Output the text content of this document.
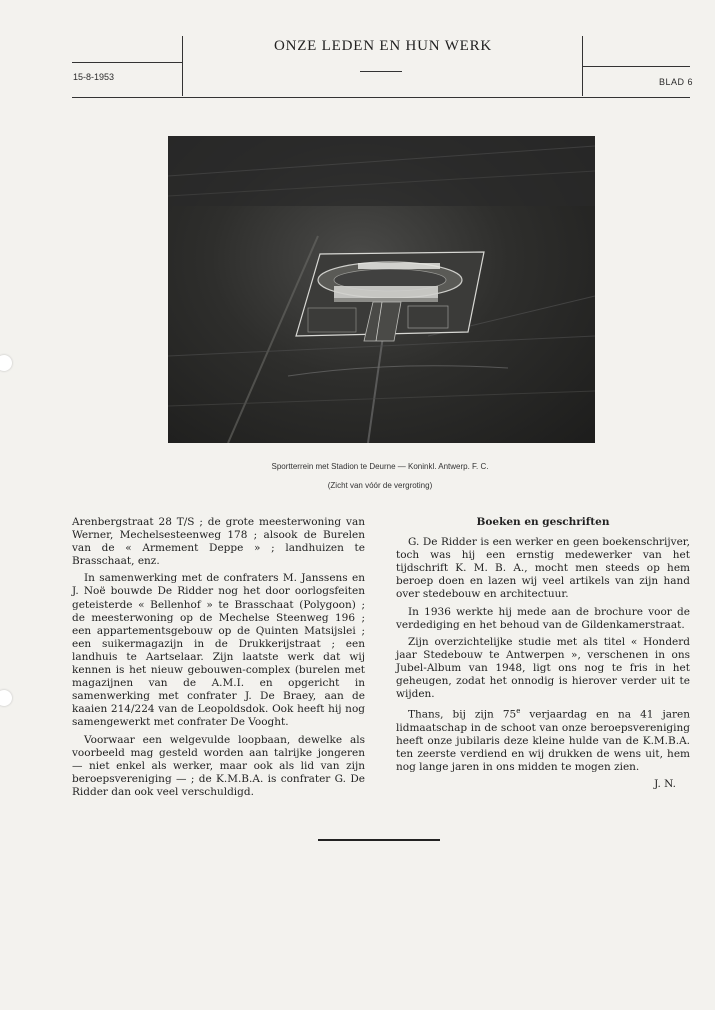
ONZE LEDEN EN HUN WERK
15-8-1953	BLAD 6
Sportterrein met Stadion te Deurne — Koninkl. Antwerp. F. C.
(Zicht van vóór de vergroting)

Arenbergstraat 28 T/S ; de grote meesterwoning van Werner, Mechelsesteenweg 178 ; alsook de Burelen van de « Armement Deppe » ; landhuizen te Brasschaat, enz.

In samenwerking met de confraters M. Janssens en J. Noë bouwde De Ridder nog het door oorlogsfeiten geteisterde « Bellenhof » te Brasschaat (Polygoon) ; de meesterwoning op de Mechelse Steenweg 196 ; een appartementsgebouw op de Quinten Matsijslei ; een suikermagazijn in de Drukkerijstraat ; een landhuis te Aartselaar. Zijn laatste werk dat wij kennen is het nieuw gebouwen-complex (burelen met magazijnen van de A.M.I. en opgericht in samenwerking met confrater J. De Braey, aan de kaaien 214/224 van de Leopoldsdok. Ook heeft hij nog samengewerkt met confrater De Vooght.

Voorwaar een welgevulde loopbaan, dewelke als voorbeeld mag gesteld worden aan talrijke jongeren — niet enkel als werker, maar ook als lid van zijn beroepsvereniging — ; de K.M.B.A. is confrater G. De Ridder dan ook veel verschuldigd.

Boeken en geschriften

G. De Ridder is een werker en geen boekenschrijver, toch was hij een ernstig medewerker van het tijdschrift K. M. B. A., mocht men steeds op hem beroep doen en lazen wij veel artikels van zijn hand over stedebouw en architectuur.

In 1936 werkte hij mede aan de brochure voor de verdediging en het behoud van de Gildenkamerstraat.

Zijn overzichtelijke studie met als titel « Honderd jaar Stedebouw te Antwerpen », verschenen in ons Jubel-Album van 1948, ligt ons nog te fris in het geheugen, zodat het onnodig is hierover verder uit te wijden.

Thans, bij zijn 75e verjaardag en na 41 jaren lidmaatschap in de schoot van onze beroepsvereniging heeft onze jubilaris deze kleine hulde van de K.M.B.A. ten zeerste verdiend en wij drukken de wens uit, hem nog lange jaren in ons midden te mogen zien.

J. N.
